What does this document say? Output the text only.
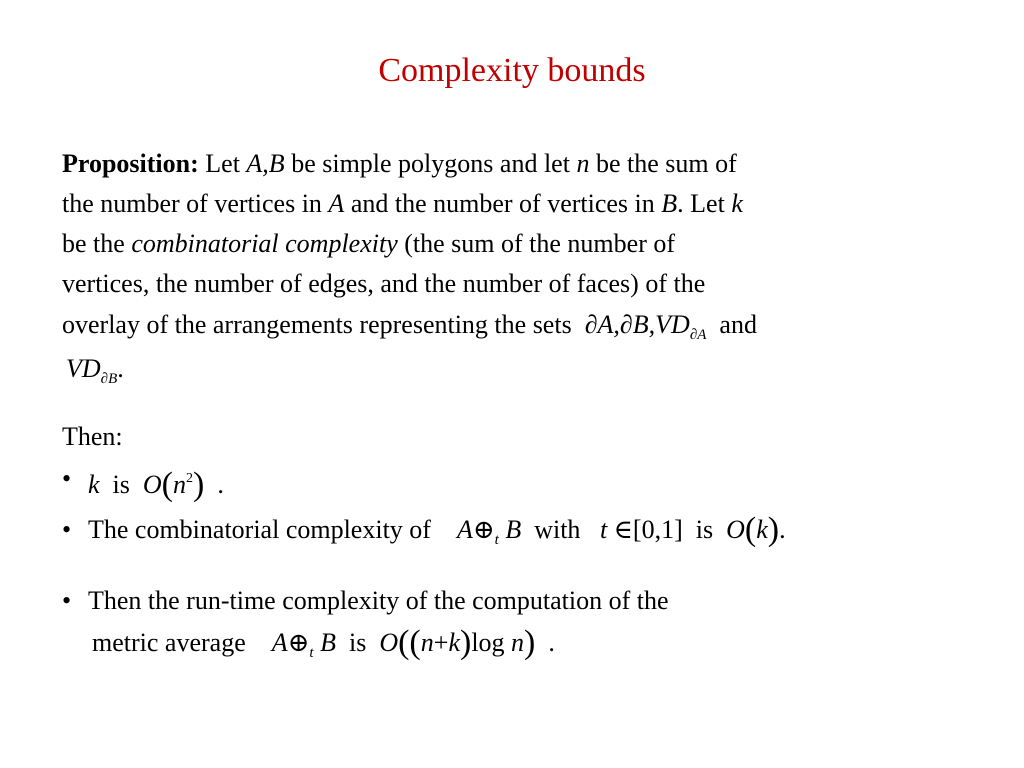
Complexity bounds
Proposition: Let A,B be simple polygons and let n be the sum of
the number of vertices in A and the number of vertices in B. Let k
be the combinatorial complexity (the sum of the number of
vertices, the number of edges, and the number of faces) of the
overlay of the arrangements representing the sets $\partial A,\partial B,VD_{\partial A}$ and
$VD_{\partial B}$.
Then:
• k is $O(n^2)$ .
• The combinatorial complexity of $A\oplus_t$ B with t ∈[0,1] is O(k).
• Then the run-time complexity of the computation of the
metric average $A\oplus_t$ B is O((n+k)log n) .
